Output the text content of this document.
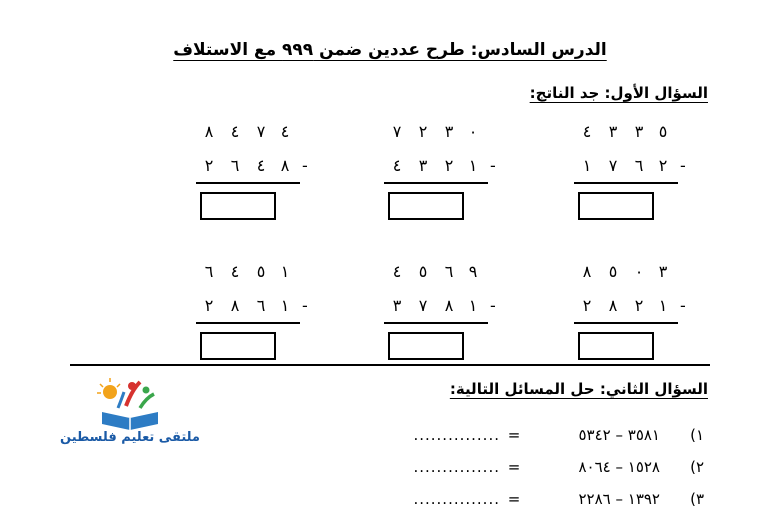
الدرس السادس: طرح عددين ضمن ٩٩٩ مع الاستلاف
السؤال الأول: جد الناتج:
٨ ٤ ٧ ٤
٢ ٦ ٤ ٨ -
٧ ٢ ٣ ٠
٤ ٣ ٢ ١ -
٤ ٣ ٣ ٥
١ ٧ ٦ ٢ -
٦ ٤ ٥ ١
٢ ٨ ٦ ١ -
٤ ٥ ٦ ٩
٣ ٧ ٨ ١ -
٨ ٥ ٠ ٣
٢ ٨ ٢ ١ -
ملتقى تعليم فلسطين
السؤال الثاني: حل المسائل التالية:
١)
٣٥٨١ – ٥٣٤٢
=
...............
٢)
١٥٢٨ – ٨٠٦٤
=
...............
٣)
١٣٩٢ – ٢٢٨٦
=
...............
